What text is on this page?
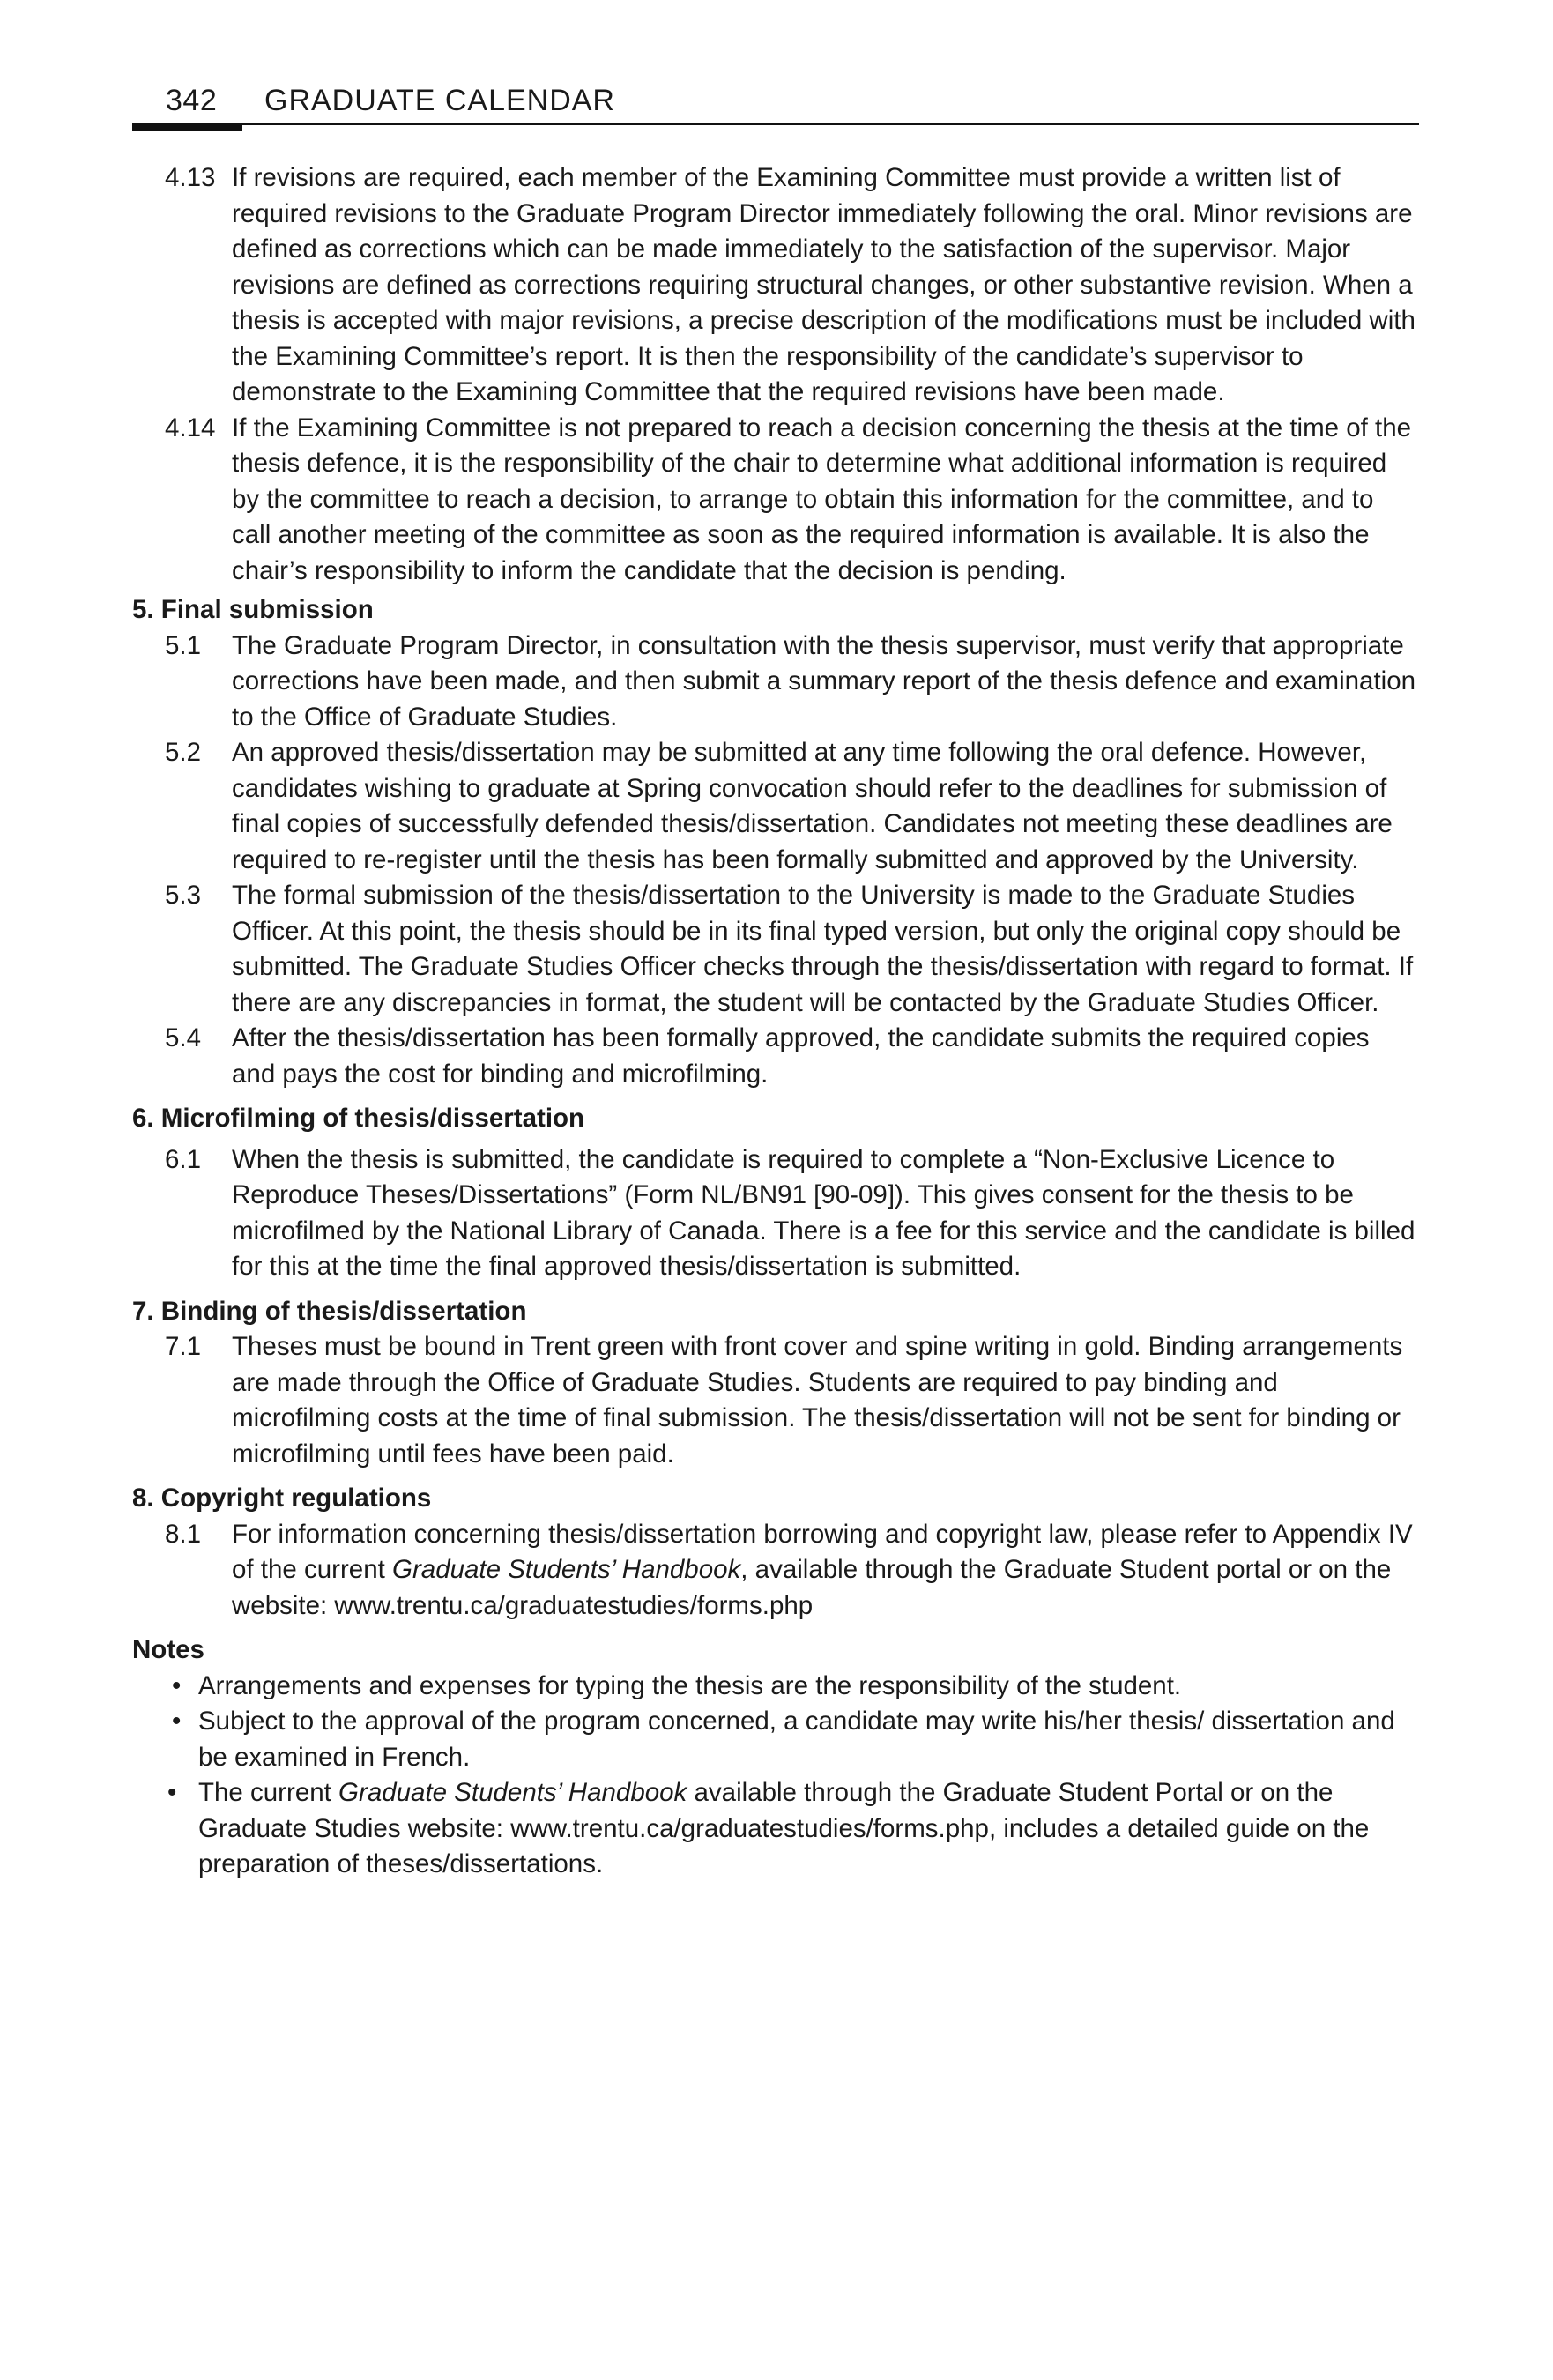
342 GRADUATE CALENDAR
4.13 If revisions are required, each member of the Examining Committee must provide a written list of required revisions to the Graduate Program Director immediately following the oral. Minor revisions are defined as corrections which can be made immediately to the satisfaction of the supervisor. Major revisions are defined as corrections requiring structural changes, or other substantive revision. When a thesis is accepted with major revisions, a precise description of the modifications must be included with the Examining Committee’s report. It is then the responsibility of the candidate’s supervisor to demonstrate to the Examining Committee that the required revisions have been made.
4.14 If the Examining Committee is not prepared to reach a decision concerning the thesis at the time of the thesis defence, it is the responsibility of the chair to determine what additional information is required by the committee to reach a decision, to arrange to obtain this information for the committee, and to call another meeting of the committee as soon as the required information is available. It is also the chair’s responsibility to inform the candidate that the decision is pending.
5. Final submission
5.1	The Graduate Program Director, in consultation with the thesis supervisor, must verify that appropriate corrections have been made, and then submit a summary report of the thesis defence and examination to the Office of Graduate Studies.
5.2	An approved thesis/dissertation may be submitted at any time following the oral defence. However, candidates wishing to graduate at Spring convocation should refer to the deadlines for submission of final copies of successfully defended thesis/dissertation. Candidates not meeting these deadlines are required to re-register until the thesis has been formally submitted and approved by the University.
5.3	The formal submission of the thesis/dissertation to the University is made to the Graduate Studies Officer. At this point, the thesis should be in its final typed version, but only the original copy should be submitted. The Graduate Studies Officer checks through the thesis/dissertation with regard to format. If there are any discrepancies in format, the student will be contacted by the Graduate Studies Officer.
5.4	After the thesis/dissertation has been formally approved, the candidate submits the required copies and pays the cost for binding and microfilming.
6. Microfilming of thesis/dissertation
6.1	When the thesis is submitted, the candidate is required to complete a “Non-Exclusive Licence to Reproduce Theses/Dissertations” (Form NL/BN91 [90-09]). This gives consent for the thesis to be microfilmed by the National Library of Canada. There is a fee for this service and the candidate is billed for this at the time the final approved thesis/dissertation is submitted.
7. Binding of thesis/dissertation
7.1	Theses must be bound in Trent green with front cover and spine writing in gold. Binding arrangements are made through the Office of Graduate Studies. Students are required to pay binding and microfilming costs at the time of final submission. The thesis/dissertation will not be sent for binding or microfilming until fees have been paid.
8. Copyright regulations
8.1	For information concerning thesis/dissertation borrowing and copyright law, please refer to Appendix IV of the current Graduate Students’ Handbook, available through the Graduate Student portal or on the website: www.trentu.ca/graduatestudies/forms.php
Notes
• Arrangements and expenses for typing the thesis are the responsibility of the student.
• Subject to the approval of the program concerned, a candidate may write his/her thesis/ dissertation and be examined in French.
• The current Graduate Students’ Handbook available through the Graduate Student Portal or on the Graduate Studies website: www.trentu.ca/graduatestudies/forms.php, includes a detailed guide on the preparation of theses/dissertations.
